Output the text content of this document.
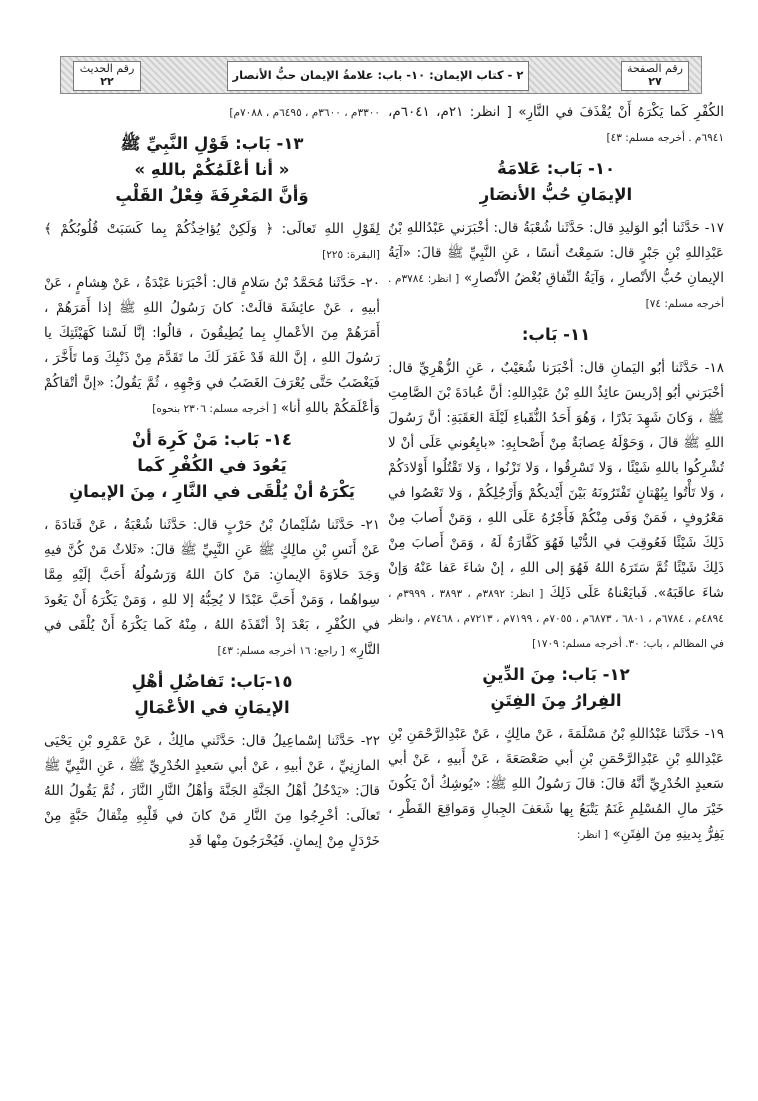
رقم الصفحة
٢٧
٢ - كتاب الإيمان: ١٠- باب: علامةُ الإيمان حبُّ الأنصار
رقم الحديث
٢٢
الكُفْرِ كَما يَكْرَهُ أَنْ يُقْذَفَ في النَّارِ» [ انظر: ٢١م، ٦٠٤١م، ٦٩٤١م . أخرجه مسلم: ٤٣]
١٠- بَاب: عَلامَةُ
الإيمَانِ حُبُّ الأنصَارِ
١٧- حَدَّثَنا أبُو الوَليدِ قال: حَدَّثَنا شُعْبَةُ قال: أخْبَرَني عَبْدُاللهِ بْنُ عَبْدِاللهِ بْنِ جَبْرٍ قال: سَمِعْتُ أنسًا ، عَنِ النَّبِيِّ ﷺ قالَ: «آيَةُ الإيمانِ حُبُّ الأنْصارِ ، وَآيَةُ النِّفاقِ بُغْضُ الأنْصارِ» [ انظر: ٣٧٨٤م . أخرجه مسلم: ٧٤]
١١- بَاب:
١٨- حَدَّثَنا أبُو اليَمانِ قال: أخْبَرَنا شُعَيْبٌ ، عَنِ الزُّهْرِيِّ قال: أخْبَرَني أبُو إدْريسَ عائِذُ اللهِ بْنُ عَبْدِاللهِ: أنَّ عُبادَةَ بْنَ الصَّامِتِ ﷺ ، وَكانَ شَهِدَ بَدْرًا ، وَهُوَ أَحَدُ النُّقَباءِ لَيْلَةَ العَقَبَةِ: أنَّ رَسُولَ اللهِ ﷺ قالَ ، وَحَوْلَهُ عِصابَةٌ مِنْ أَصْحابِهِ: «بايِعُوني عَلَى أنْ لا تُشْرِكُوا باللهِ شَيْئًا ، وَلا تَسْرِقُوا ، وَلا تَزْنُوا ، وَلا تَقْتُلُوا أَوْلادَكُمْ ، وَلا تَأْتُوا بِبُهْتانٍ تَفْتَرُونَهُ بَيْنَ أَيْديكُمْ وَأَرْجُلِكُمْ ، وَلا تَعْصُوا في مَعْرُوفٍ ، فَمَنْ وَفَى مِنْكُمْ فَأَجْرُهُ عَلَى اللهِ ، وَمَنْ أَصابَ مِنْ ذَلِكَ شَيْئًا فَعُوقِبَ في الدُّنْيا فَهُوَ كَفَّارَةٌ لَهُ ، وَمَنْ أَصابَ مِنْ ذَلِكَ شَيْئًا ثُمَّ سَتَرَهُ اللهُ فَهُوَ إلى اللهِ ، إنْ شاءَ عَفا عَنْهُ وَإنْ شاءَ عاقَبَهُ». فَبايَعْناهُ عَلَى ذَلِكَ [ انظر: ٣٨٩٢م ، ٣٨٩٣ ، ٣٩٩٩م ، ٤٨٩٤م ، ٦٧٨٤م ، ٦٨٠١ ، ٦٨٧٣م ، ٧٠٥٥م ، ٧١٩٩م ، ٧٢١٣م ، ٧٤٦٨م ، وانظر في المظالم ، باب: ٣٠. أخرجه مسلم: ١٧٠٩]
١٢- بَاب: مِنَ الدِّينِ
الفِرارُ مِنَ الفِتَنِ
١٩- حَدَّثَنا عَبْدُاللهِ بْنُ مَسْلَمَةَ ، عَنْ مالِكٍ ، عَنْ عَبْدِالرَّحْمَنِ بْنِ عَبْدِاللهِ بْنِ عَبْدِالرَّحْمَنِ بْنِ أبي صَعْصَعَةَ ، عَنْ أَبيهِ ، عَنْ أبي سَعيدٍ الخُدْرِيِّ أنَّهُ قالَ: قالَ رَسُولُ اللهِ ﷺ: «يُوشِكُ أنْ يَكُونَ خَيْرَ مالِ المُسْلِمِ غَنَمٌ يَتْبَعُ بِها شَعَفَ الجِبالِ وَمَواقِعَ القَطْرِ ، يَفِرُّ بِدينِهِ مِنَ الفِتَنِ» [ انظر:
٣٣٠٠م ، ٣٦٠٠م ، ٦٤٩٥م ، ٧٠٨٨م]
١٣- بَاب: قَوْلِ النَّبِيِّ ﷺ
« أنا أعْلَمُكُمْ باللهِ »
وَأنَّ المَعْرِفَةَ فِعْلُ القَلْبِ
لِقَوْلِ اللهِ تَعالَى: ﴿ وَلَكِنْ يُؤاخِذُكُمْ بِما كَسَبَتْ قُلُوبُكُمْ ﴾ [البقرة: ٢٢٥]
٢٠- حَدَّثَنا مُحَمَّدُ بْنُ سَلامٍ قال: أخْبَرَنا عَبْدَةُ ، عَنْ هِشامٍ ، عَنْ أبيهِ ، عَنْ عائِشَةَ قالَتْ: كانَ رَسُولُ اللهِ ﷺ إذا أَمَرَهُمْ ، أَمَرَهُمْ مِنَ الأعْمالِ بِما يُطِيقُونَ ، قالُوا: إنَّا لَسْنا كَهَيْئَتِكَ يا رَسُولَ اللهِ ، إنَّ اللهَ قَدْ غَفَرَ لَكَ ما تَقَدَّمَ مِنْ ذَنْبِكَ وَما تَأَخَّرَ ، فَيَغْضَبُ حَتَّى يُعْرَفَ الغَضَبُ في وَجْهِهِ ، ثُمَّ يَقُولُ: «إنَّ أتْقاكُمْ وَأعْلَمَكُمْ باللهِ أنا» [ أخرجه مسلم: ٢٣٠٦ بنحوه]
١٤- بَاب: مَنْ كَرِهَ أنْ
يَعُودَ في الكُفْرِ كَما
يَكْرَهُ أنْ يُلْقَى في النَّارِ ، مِنَ الإيمانِ
٢١- حَدَّثَنا سُلَيْمانُ بْنُ حَرْبٍ قال: حَدَّثَنا شُعْبَةُ ، عَنْ قَتادَةَ ، عَنْ أَنَسِ بْنِ مالِكٍ ﷺ عَنِ النَّبِيِّ ﷺ قالَ: «ثَلاثٌ مَنْ كُنَّ فيهِ وَجَدَ حَلاوَةَ الإيمانِ: مَنْ كانَ اللهُ وَرَسُولُهُ أَحَبَّ إلَيْهِ مِمَّا سِواهُما ، وَمَنْ أَحَبَّ عَبْدًا لا يُحِبُّهُ إلا للهِ ، وَمَنْ يَكْرَهُ أَنْ يَعُودَ في الكُفْرِ ، بَعْدَ إذْ أنْقَذَهُ اللهُ ، مِنْهُ كَما يَكْرَهُ أَنْ يُلْقَى في النَّارِ» [ راجع: ١٦ أخرجه مسلم: ٤٣]
١٥-بَاب: تَفاضُلِ أهْلِ
الإيمَانِ في الأعْمَالِ
٢٢- حَدَّثَنا إسْماعِيلُ قال: حَدَّثَني مالِكٌ ، عَنْ عَمْرِو بْنِ يَحْيَى المازِنِيِّ ، عَنْ أبيهِ ، عَنْ أبي سَعيدٍ الخُدْرِيِّ ﷺ ، عَنِ النَّبِيِّ ﷺ قالَ: «يَدْخُلُ أهْلُ الجَنَّةِ الجَنَّةَ وَأهْلُ النَّارِ النَّارَ ، ثُمَّ يَقُولُ اللهُ تَعالَى: أخْرِجُوا مِنَ النَّارِ مَنْ كانَ في قَلْبِهِ مِثْقالُ حَبَّةٍ مِنْ خَرْدَلٍ مِنْ إيمانٍ. فَيُخْرَجُونَ مِنْها قَدِ
